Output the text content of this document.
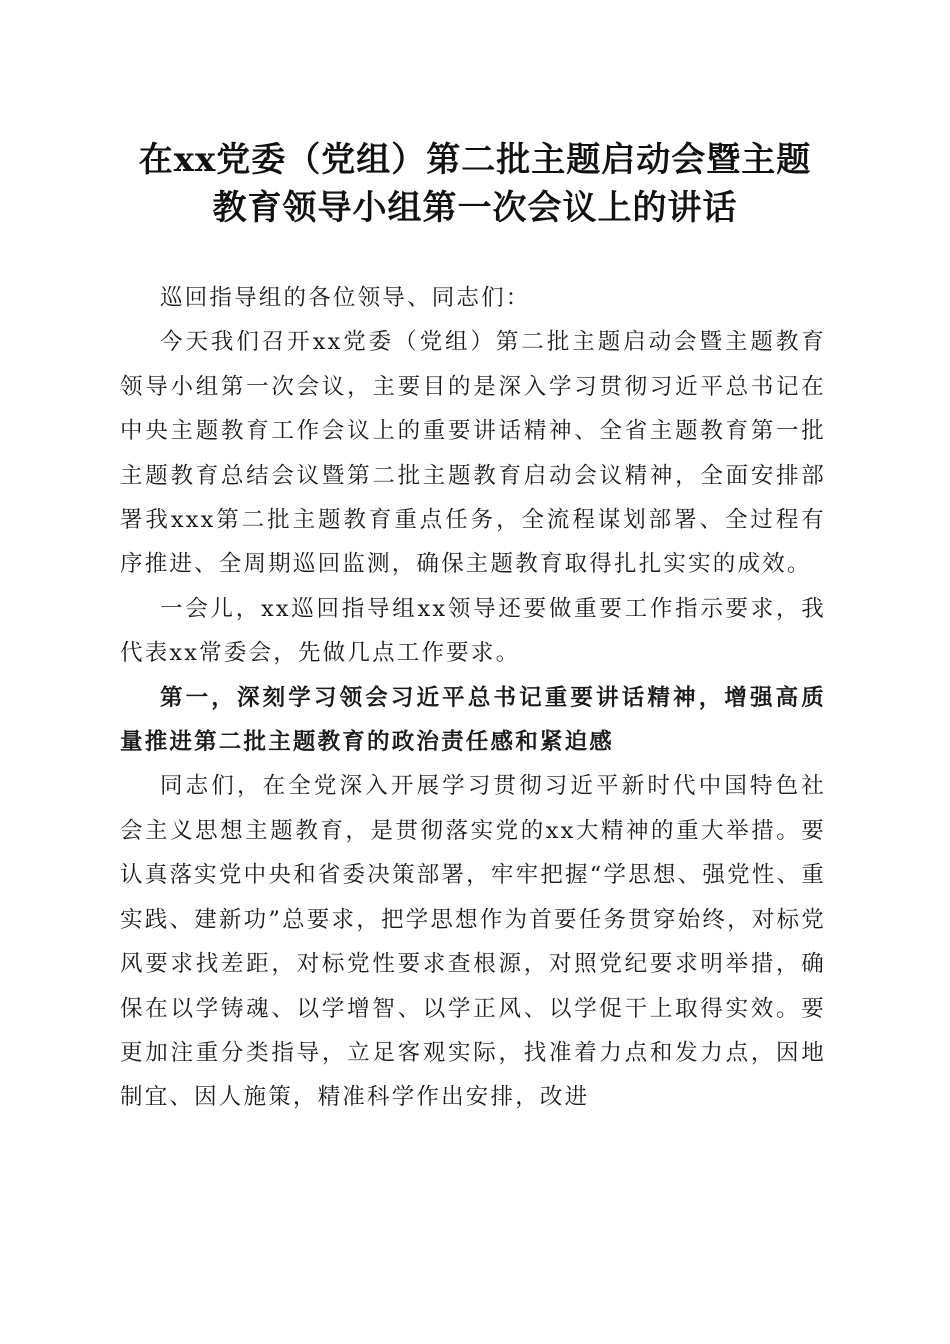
在xx党委（党组）第二批主题启动会暨主题
教育领导小组第一次会议上的讲话

巡回指导组的各位领导、同志们：

今天我们召开xx党委（党组）第二批主题启动会暨主题教育领导小组第一次会议，主要目的是深入学习贯彻习近平总书记在中央主题教育工作会议上的重要讲话精神、全省主题教育第一批主题教育总结会议暨第二批主题教育启动会议精神，全面安排部署我xxx第二批主题教育重点任务，全流程谋划部署、全过程有序推进、全周期巡回监测，确保主题教育取得扎扎实实的成效。

一会儿，xx巡回指导组xx领导还要做重要工作指示要求，我代表xx常委会，先做几点工作要求。

第一，深刻学习领会习近平总书记重要讲话精神，增强高质量推进第二批主题教育的政治责任感和紧迫感

同志们，在全党深入开展学习贯彻习近平新时代中国特色社会主义思想主题教育，是贯彻落实党的xx大精神的重大举措。要认真落实党中央和省委决策部署，牢牢把握“学思想、强党性、重实践、建新功”总要求，把学思想作为首要任务贯穿始终，对标党风要求找差距，对标党性要求查根源，对照党纪要求明举措，确保在以学铸魂、以学增智、以学正风、以学促干上取得实效。要更加注重分类指导，立足客观实际，找准着力点和发力点，因地制宜、因人施策，精准科学作出安排，改进
